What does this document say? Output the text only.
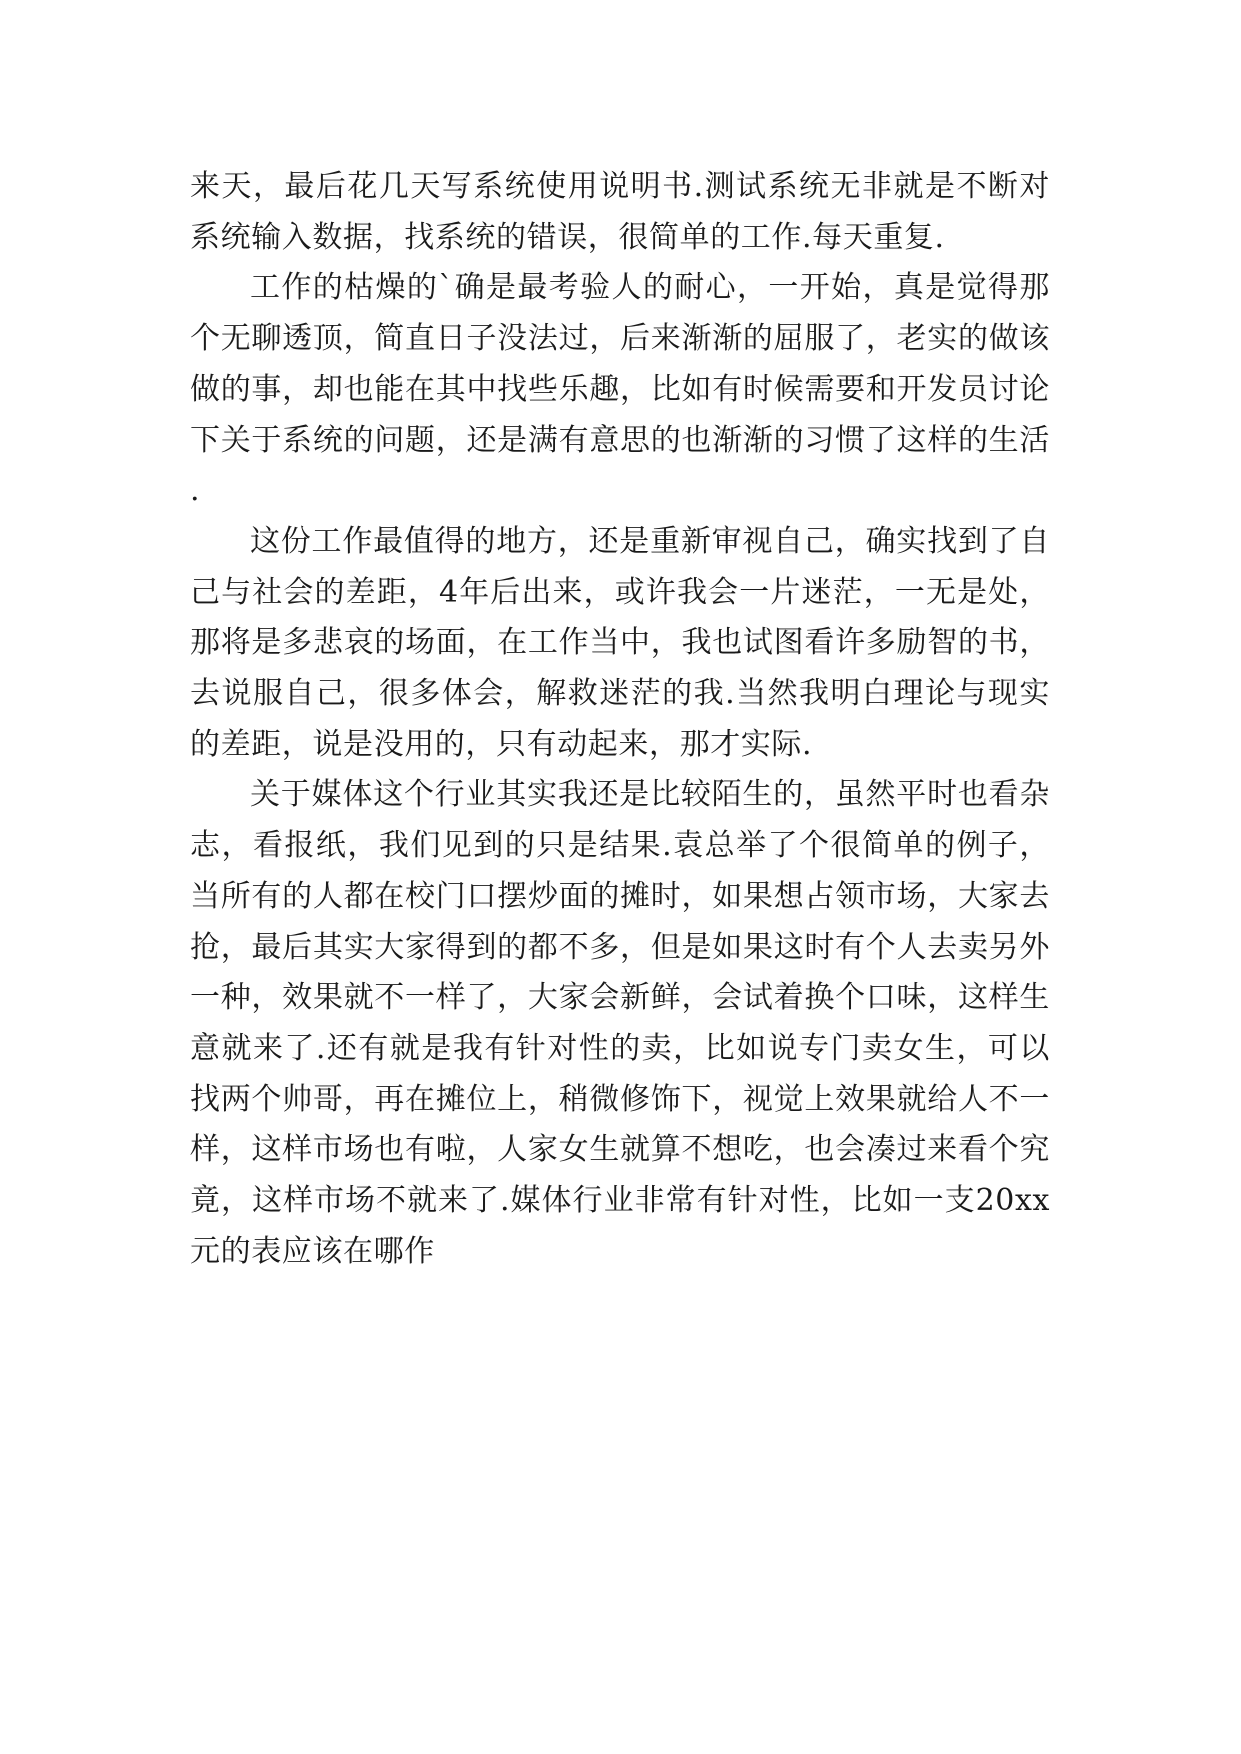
来天，最后花几天写系统使用说明书.测试系统无非就是不断对系统输入数据，找系统的错误，很简单的工作.每天重复.

工作的枯燥的`确是最考验人的耐心，一开始，真是觉得那个无聊透顶，简直日子没法过，后来渐渐的屈服了，老实的做该做的事，却也能在其中找些乐趣，比如有时候需要和开发员讨论下关于系统的问题，还是满有意思的也渐渐的习惯了这样的生活.

这份工作最值得的地方，还是重新审视自己，确实找到了自己与社会的差距，4年后出来，或许我会一片迷茫，一无是处，那将是多悲哀的场面，在工作当中，我也试图看许多励智的书，去说服自己，很多体会，解救迷茫的我.当然我明白理论与现实的差距，说是没用的，只有动起来，那才实际.

关于媒体这个行业其实我还是比较陌生的，虽然平时也看杂志，看报纸，我们见到的只是结果.袁总举了个很简单的例子，当所有的人都在校门口摆炒面的摊时，如果想占领市场，大家去抢，最后其实大家得到的都不多，但是如果这时有个人去卖另外一种，效果就不一样了，大家会新鲜，会试着换个口味，这样生意就来了.还有就是我有针对性的卖，比如说专门卖女生，可以找两个帅哥，再在摊位上，稍微修饰下，视觉上效果就给人不一样，这样市场也有啦，人家女生就算不想吃，也会凑过来看个究竟，这样市场不就来了.媒体行业非常有针对性，比如一支20xx元的表应该在哪作
